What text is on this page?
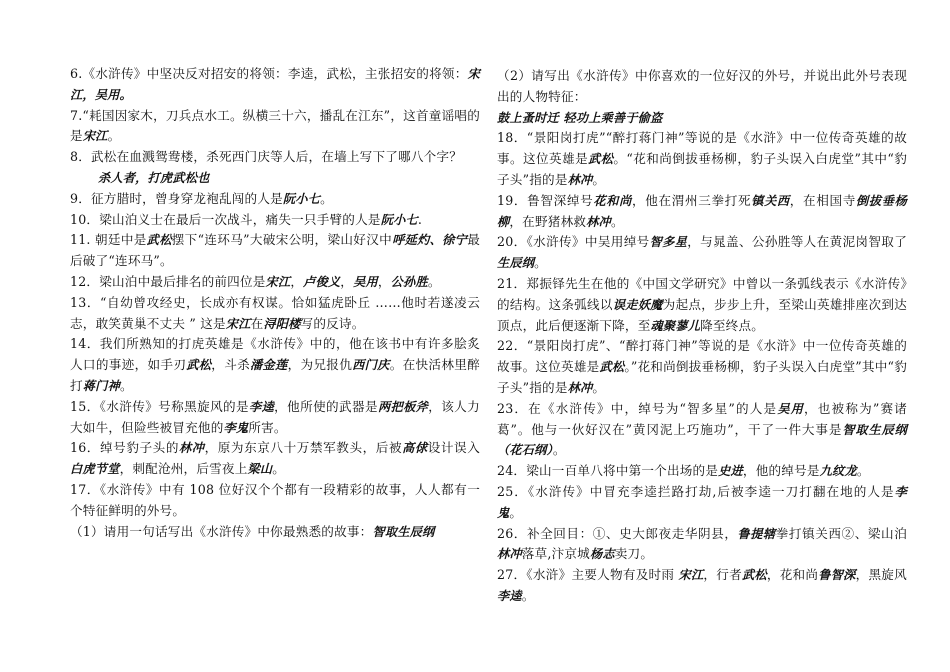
6.《水浒传》中坚决反对招安的将领：李逵，武松，主张招安的将领：宋江，吴用。

7.“耗国因家木，刀兵点水工。纵横三十六，播乱在江东”，这首童谣唱的是宋江。

8．武松在血溅鸳鸯楼，杀死西门庆等人后，在墙上写下了哪八个字？

杀人者，打虎武松也

9．征方腊时，曾身穿龙袍乱闯的人是阮小七。

10．梁山泊义士在最后一次战斗，痛失一只手臂的人是阮小七.

11. 朝廷中是武松摆下“连环马”大破宋公明，梁山好汉中呼延灼、徐宁最后破了“连环马”。

12．梁山泊中最后排名的前四位是宋江，卢俊义，吴用，公孙胜。

13．“自幼曾攻经史，长成亦有权谋。恰如猛虎卧丘 ……他时若遂凌云志，敢笑黄巢不丈夫 ” 这是宋江在浔阳楼写的反诗。

14．我们所熟知的打虎英雄是《水浒传》中的，他在该书中有许多脍炙人口的事迹，如手刃武松，斗杀潘金莲，为兄报仇西门庆。在快活林里醉打蒋门神。

15．《水浒传》号称黑旋风的是李逵，他所使的武器是两把板斧，该人力大如牛，但险些被冒充他的李鬼所害。

16．绰号豹子头的林冲，原为东京八十万禁军教头，后被高俅设计误入白虎节堂，刺配沧州，后雪夜上梁山。

17．《水浒传》中有 108 位好汉个个都有一段精彩的故事，人人都有一个特征鲜明的外号。

（1）请用一句话写出《水浒传》中你最熟悉的故事：智取生辰纲

（2）请写出《水浒传》中你喜欢的一位好汉的外号，并说出此外号表现出的人物特征：

鼓上蚤时迁 轻功上乘善于偷盗

18．“景阳岗打虎”“醉打蒋门神”等说的是《水浒》中一位传奇英雄的故事。这位英雄是武松。“花和尚倒拔垂杨柳，豹子头误入白虎堂”其中“豹子头”指的是林冲。

19．鲁智深绰号花和尚，他在渭州三拳打死镇关西，在相国寺倒拔垂杨柳，在野猪林救林冲。

20．《水浒传》中吴用绰号智多星，与晁盖、公孙胜等人在黄泥岗智取了生辰纲。

21．郑振铎先生在他的《中国文学研究》中曾以一条弧线表示《水浒传》的结构。这条弧线以误走妖魔为起点，步步上升，至梁山英雄排座次到达顶点，此后便逐渐下降，至魂聚蓼儿降至终点。

22．“景阳岗打虎”、“醉打蒋门神”等说的是《水浒》中一位传奇英雄的故事。这位英雄是武松。”花和尚倒拔垂杨柳，豹子头误入白虎堂”其中“豹子头”指的是林冲。

23．在《水浒传》中，绰号为“智多星”的人是吴用，也被称为”赛诸葛”。他与一伙好汉在”黄冈泥上巧施功”，干了一件大事是智取生辰纲（花石纲）。

24．梁山一百单八将中第一个出场的是史进，他的绰号是九纹龙。

25．《水浒传》中冒充李逵拦路打劫,后被李逵一刀打翻在地的人是李鬼。

26．补全回目：①、史大郎夜走华阴县，鲁提辖拳打镇关西②、梁山泊林冲落草,汴京城杨志卖刀。

27．《水浒》主要人物有及时雨 宋江，行者武松，花和尚鲁智深，黑旋风李逵。
